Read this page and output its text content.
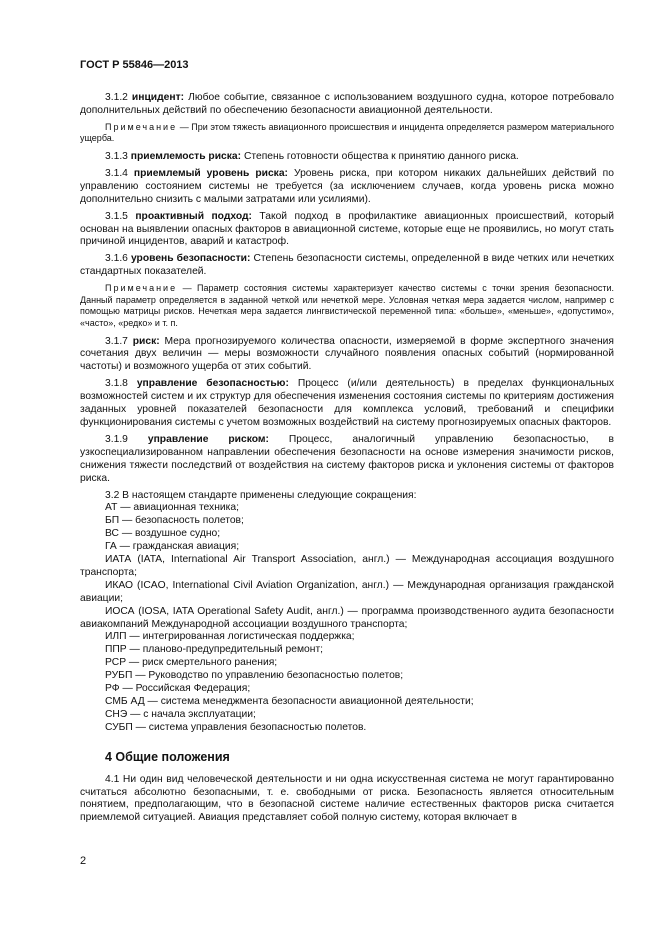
ГОСТ Р 55846—2013

3.1.2 инцидент: Любое событие, связанное с использованием воздушного судна, которое потребовало дополнительных действий по обеспечению безопасности авиационной деятельности.

Примечание — При этом тяжесть авиационного происшествия и инцидента определяется размером материального ущерба.

3.1.3 приемлемость риска: Степень готовности общества к принятию данного риска.

3.1.4 приемлемый уровень риска: Уровень риска, при котором никаких дальнейших действий по управлению состоянием системы не требуется (за исключением случаев, когда уровень риска можно дополнительно снизить с малыми затратами или усилиями).

3.1.5 проактивный подход: Такой подход в профилактике авиационных происшествий, который основан на выявлении опасных факторов в авиационной системе, которые еще не проявились, но могут стать причиной инцидентов, аварий и катастроф.

3.1.6 уровень безопасности: Степень безопасности системы, определенной в виде четких или нечетких стандартных показателей.

Примечание — Параметр состояния системы характеризует качество системы с точки зрения безопасности. Данный параметр определяется в заданной четкой или нечеткой мере. Условная четкая мера задается числом, например с помощью матрицы рисков. Нечеткая мера задается лингвистической переменной типа: «больше», «меньше», «допустимо», «часто», «редко» и т. п.

3.1.7 риск: Мера прогнозируемого количества опасности, измеряемой в форме экспертного значения сочетания двух величин — меры возможности случайного появления опасных событий (нормированной частоты) и возможного ущерба от этих событий.

3.1.8 управление безопасностью: Процесс (и/или деятельность) в пределах функциональных возможностей систем и их структур для обеспечения изменения состояния системы по критериям достижения заданных уровней показателей безопасности для комплекса условий, требований и специфики функционирования системы с учетом возможных воздействий на систему прогнозируемых опасных факторов.

3.1.9 управление риском: Процесс, аналогичный управлению безопасностью, в узкоспециализированном направлении обеспечения безопасности на основе измерения значимости рисков, снижения тяжести последствий от воздействия на систему факторов риска и уклонения системы от факторов риска.

3.2 В настоящем стандарте применены следующие сокращения:

АТ — авиационная техника;

БП — безопасность полетов;

ВС — воздушное судно;

ГА — гражданская авиация;

ИАТА (IATA, International Air Transport Association, англ.) — Международная ассоциация воздушного транспорта;

ИКАО (ICAO, International Civil Aviation Organization, англ.) — Международная организация гражданской авиации;

ИОСА (IOSA, IATA Operational Safety Audit, англ.) — программа производственного аудита безопасности авиакомпаний Международной ассоциации воздушного транспорта;

ИЛП — интегрированная логистическая поддержка;

ППР — планово-предупредительный ремонт;

РСР — риск смертельного ранения;

РУБП — Руководство по управлению безопасностью полетов;

РФ — Российская Федерация;

СМБ АД — система менеджмента безопасности авиационной деятельности;

СНЭ — с начала эксплуатации;

СУБП — система управления безопасностью полетов.

4 Общие положения

4.1 Ни один вид человеческой деятельности и ни одна искусственная система не могут гарантированно считаться абсолютно безопасными, т. е. свободными от риска. Безопасность является относительным понятием, предполагающим, что в безопасной системе наличие естественных факторов риска считается приемлемой ситуацией. Авиация представляет собой полную систему, которая включает в

2
